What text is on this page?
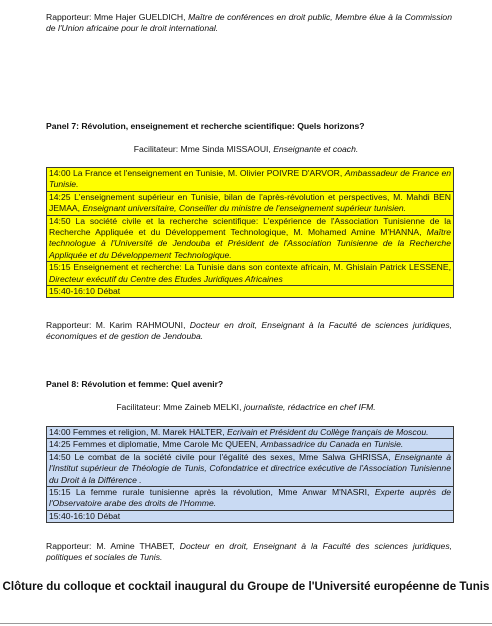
Rapporteur: Mme Hajer GUELDICH, Maître de conférences en droit public, Membre élue à la Commission de l'Union africaine pour le droit international.
Panel 7: Révolution, enseignement et recherche scientifique: Quels horizons?
Facilitateur: Mme Sinda MISSAOUI, Enseignante et coach.
14:00 La France et l'enseignement en Tunisie, M. Olivier POIVRE D'ARVOR, Ambassadeur de France en Tunisie.
14:25 L'enseignement supérieur en Tunisie, bilan de l'après-révolution et perspectives, M. Mahdi BEN JEMAA, Enseignant universitaire, Conseiller du ministre de l'enseignement supérieur tunisien.
14:50 La société civile et la recherche scientifique: L'expérience de l'Association Tunisienne de la Recherche Appliquée et du Développement Technologique, M. Mohamed Amine M'HANNA, Maître technologue à l'Université de Jendouba et Président de l'Association Tunisienne de la Recherche Appliquée et du Développement Technologique.
15:15 Enseignement et recherche: La Tunisie dans son contexte africain, M. Ghislain Patrick LESSENE, Directeur exécutif du Centre des Etudes Juridiques Africaines
15:40-16:10 Débat
Rapporteur: M. Karim RAHMOUNI, Docteur en droit, Enseignant à la Faculté de sciences juridiques, économiques et de gestion de Jendouba.
Panel 8: Révolution et femme: Quel avenir?
Facilitateur: Mme Zaineb MELKI, journaliste, rédactrice en chef IFM.
14:00 Femmes et religion, M. Marek HALTER, Ecrivain et Président du Collège français de Moscou.
14:25 Femmes et diplomatie, Mme Carole Mc QUEEN, Ambassadrice du Canada en Tunisie.
14:50 Le combat de la société civile pour l'égalité des sexes, Mme Salwa GHRISSA, Enseignante à l'Institut supérieur de Théologie de Tunis, Cofondatrice et directrice exécutive de l'Association Tunisienne du Droit à la Différence .
15:15 La femme rurale tunisienne après la révolution, Mme Anwar M'NASRI, Experte auprès de l'Observatoire arabe des droits de l'Homme.
15:40-16:10 Débat
Rapporteur: M. Amine THABET, Docteur en droit, Enseignant à la Faculté des sciences juridiques, politiques et sociales de Tunis.
Clôture du colloque et cocktail inaugural du Groupe de l'Université européenne de Tunis
